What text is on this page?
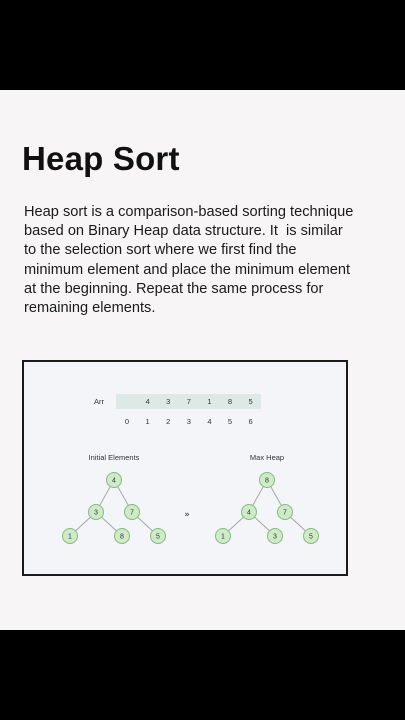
Heap Sort

Heap sort is a comparison-based sorting technique based on Binary Heap data structure. It  is similar to the selection sort where we first find the minimum element and place the minimum element at the beginning. Repeat the same process for remaining elements.

Arr	4 3 7 1 8 5
0 1 2 3 4 5 6
Initial Elements	Max Heap
4
3	7
1	8	5
8
4	7
1	3	5
»
